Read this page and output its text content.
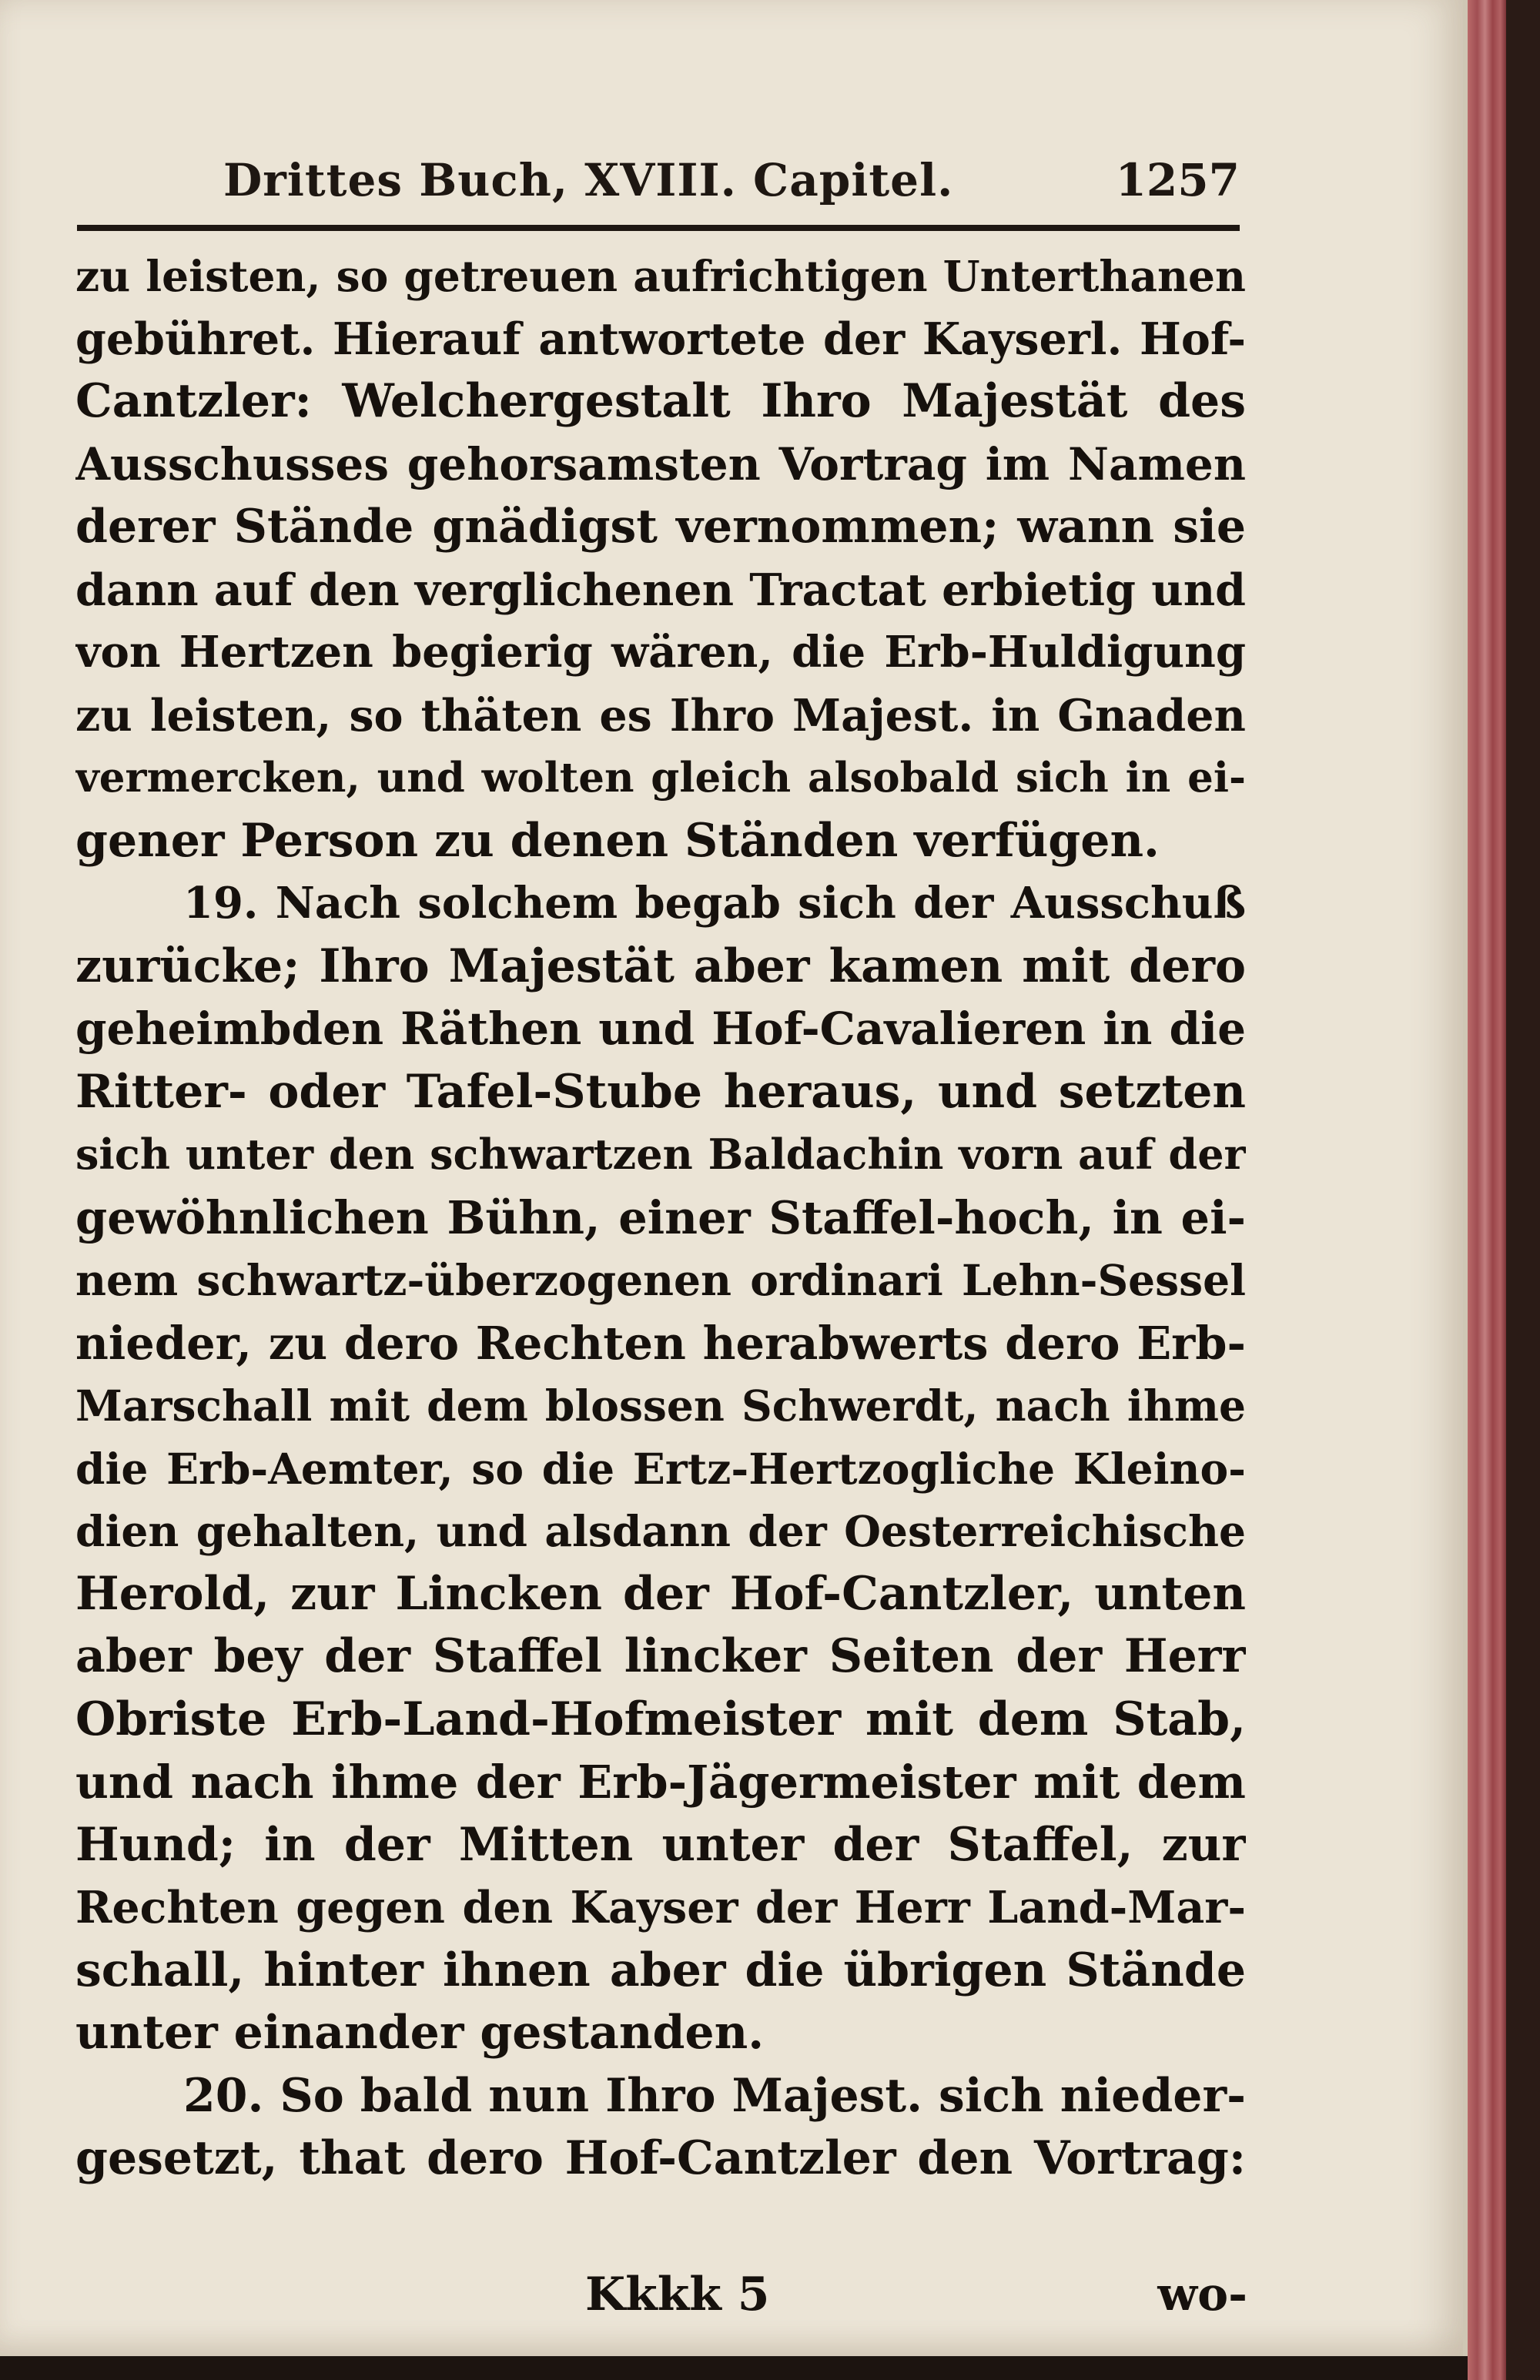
Drittes Buch, XVIII. Capitel.	1257
zu leisten, so getreuen aufrichtigen Unterthanen
gebühret. Hierauf antwortete der Kayserl. Hof-
Cantzler: Welchergestalt Ihro Majestät des
Ausschusses gehorsamsten Vortrag im Namen
derer Stände gnädigst vernommen; wann sie
dann auf den verglichenen Tractat erbietig und
von Hertzen begierig wären, die Erb-Huldigung
zu leisten, so thäten es Ihro Majest. in Gnaden
vermercken, und wolten gleich alsobald sich in ei-
gener Person zu denen Ständen verfügen.
19. Nach solchem begab sich der Ausschuß
zurücke; Ihro Majestät aber kamen mit dero
geheimbden Räthen und Hof-Cavalieren in die
Ritter- oder Tafel-Stube heraus, und setzten
sich unter den schwartzen Baldachin vorn auf der
gewöhnlichen Bühn, einer Staffel-hoch, in ei-
nem schwartz-überzogenen ordinari Lehn-Sessel
nieder, zu dero Rechten herabwerts dero Erb-
Marschall mit dem blossen Schwerdt, nach ihme
die Erb-Aemter, so die Ertz-Hertzogliche Kleino-
dien gehalten, und alsdann der Oesterreichische
Herold, zur Lincken der Hof-Cantzler, unten
aber bey der Staffel lincker Seiten der Herr
Obriste Erb-Land-Hofmeister mit dem Stab,
und nach ihme der Erb-Jägermeister mit dem
Hund; in der Mitten unter der Staffel, zur
Rechten gegen den Kayser der Herr Land-Mar-
schall, hinter ihnen aber die übrigen Stände
unter einander gestanden.
20. So bald nun Ihro Majest. sich nieder-
gesetzt, that dero Hof-Cantzler den Vortrag:
Kkkk 5	wo-
